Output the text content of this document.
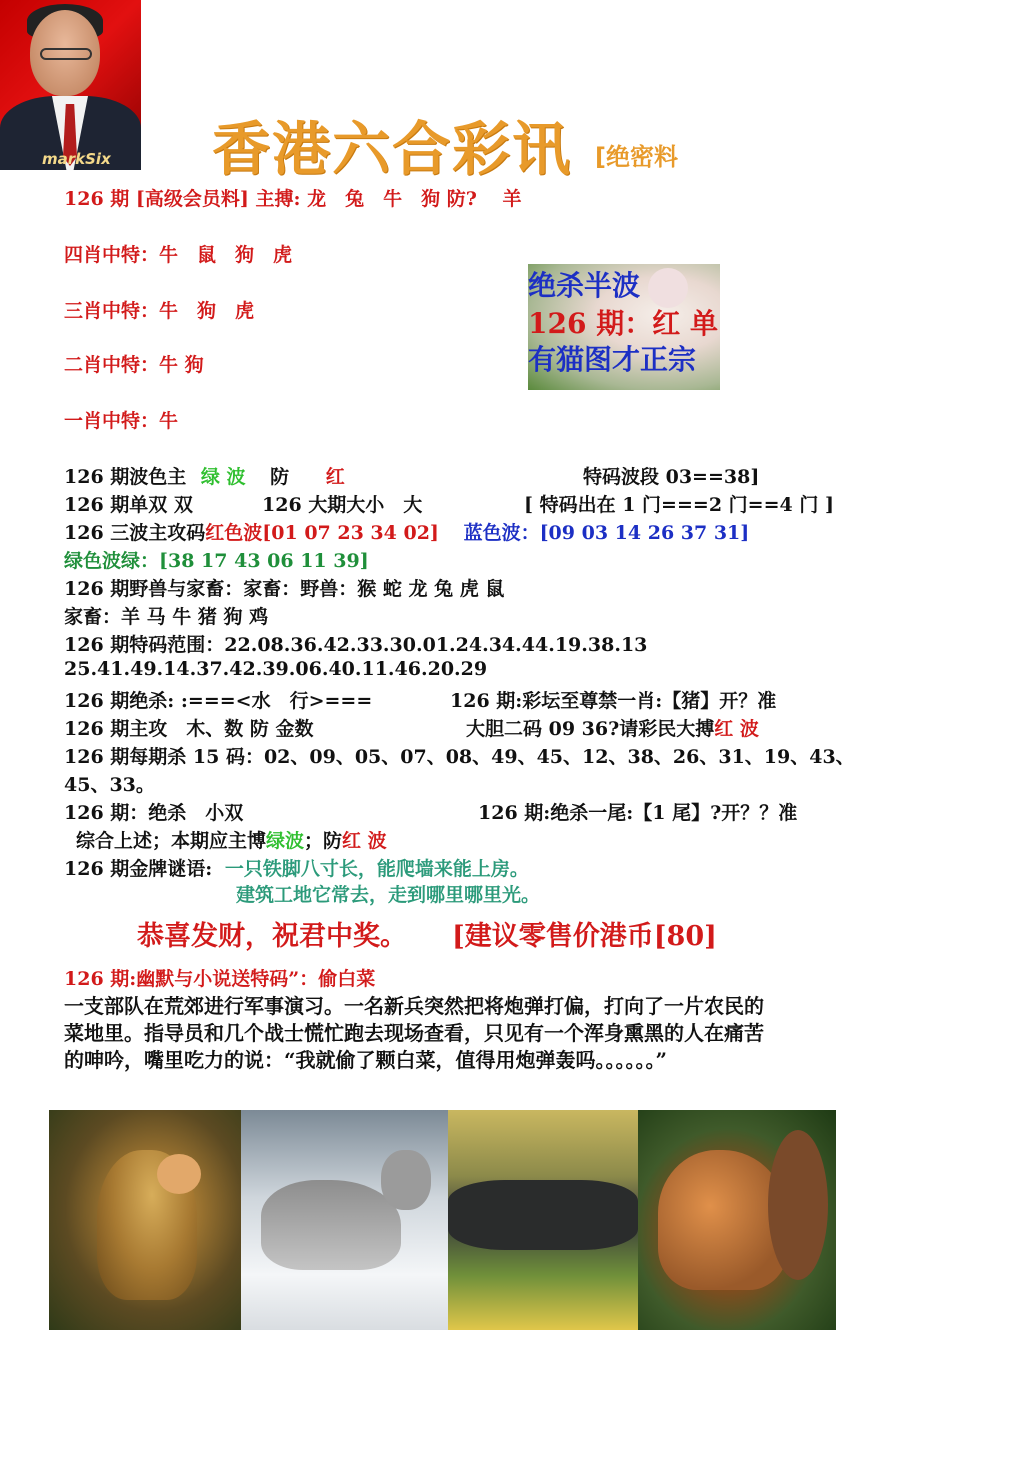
markSix 香港六合彩讯 [绝密料
126 期 [高级会员料] 主搏: 龙　兔　牛　狗 防?　 羊
四肖中特：牛　鼠　狗　虎
三肖中特：牛　狗　虎
二肖中特：牛 狗
一肖中特：牛
绝杀半波
126 期：红 单
有猫图才正宗
126 期波色主 绿 波 防 红	特码波段 03==38]
126 期单双 双	126 大期大小　大	[ 特码出在 1 门===2 门==4 门 ]
126 三波主攻码红色波[01 07 23 34 02] 蓝色波：[09 03 14 26 37 31]
绿色波绿：[38 17 43 06 11 39]
126 期野兽与家畜：家畜：野兽：猴 蛇 龙 兔 虎 鼠
家畜：羊 马 牛 猪 狗 鸡
126 期特码范围：22.08.36.42.33.30.01.24.34.44.19.38.13
25.41.49.14.37.42.39.06.40.11.46.20.29
126 期绝杀: :===<水　行>===	126 期:彩坛至尊禁一肖:【猪】开？准
126 期主攻　木、数 防 金数	大胆二码 09 36?请彩民大搏红 波
126 期每期杀 15 码：02、09、05、07、08、49、45、12、38、26、31、19、43、
45、33。
126 期：绝杀　小双	126 期:绝杀一尾:【1 尾】?开？？准
综合上述；本期应主博绿波；防红 波
126 期金牌谜语: 一只铁脚八寸长，能爬墙来能上房。
建筑工地它常去，走到哪里哪里光。
恭喜发财，祝君中奖。 [建议零售价港币[80]
126 期:幽默与小说送特码”：偷白菜
一支部队在荒郊进行军事演习。一名新兵突然把将炮弹打偏，打向了一片农民的
菜地里。指导员和几个战士慌忙跑去现场查看，只见有一个浑身熏黑的人在痛苦
的呻吟，嘴里吃力的说：“我就偷了颗白菜，值得用炮弹轰吗。。。。。。”
